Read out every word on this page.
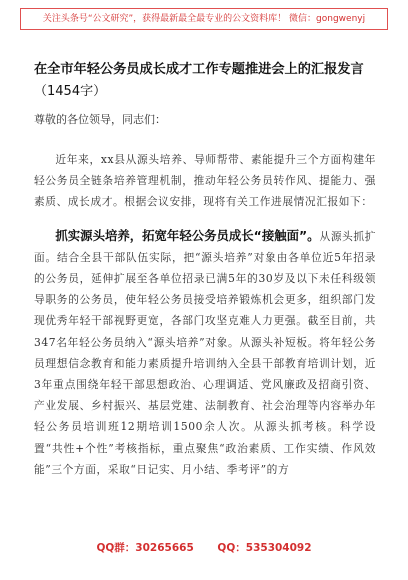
关注头条号“公文研究”，获得最新最全最专业的公文资料库！ 微信：gongwenyj
在全市年轻公务员成长成才工作专题推进会上的汇报发言
（1454字）
尊敬的各位领导，同志们：

近年来，xx县从源头培养、导师帮带、素能提升三个方面构建年轻公务员全链条培养管理机制，推动年轻公务员转作风、提能力、强素质、成长成才。根据会议安排，现将有关工作进展情况汇报如下：

抓实源头培养，拓宽年轻公务员成长“接触面”。从源头抓扩面。结合全县干部队伍实际，把“源头培养”对象由各单位近5年招录的公务员，延伸扩展至各单位招录已满5年的30岁及以下未任科级领导职务的公务员，使年轻公务员接受培养锻炼机会更多，组织部门发现优秀年轻干部视野更宽，各部门攻坚克难人力更强。截至目前，共347名年轻公务员纳入“源头培养”对象。从源头补短板。将年轻公务员理想信念教育和能力素质提升培训纳入全县干部教育培训计划，近3年重点围绕年轻干部思想政治、心理调适、党风廉政及招商引资、产业发展、乡村振兴、基层党建、法制教育、社会治理等内容举办年轻公务员培训班12期培训1500余人次。从源头抓考核。科学设置“共性+个性”考核指标，重点聚焦“政治素质、工作实绩、作风效能”三个方面，采取“日记实、月小结、季考评”的方

QQ群：30265665 QQ：535304092
